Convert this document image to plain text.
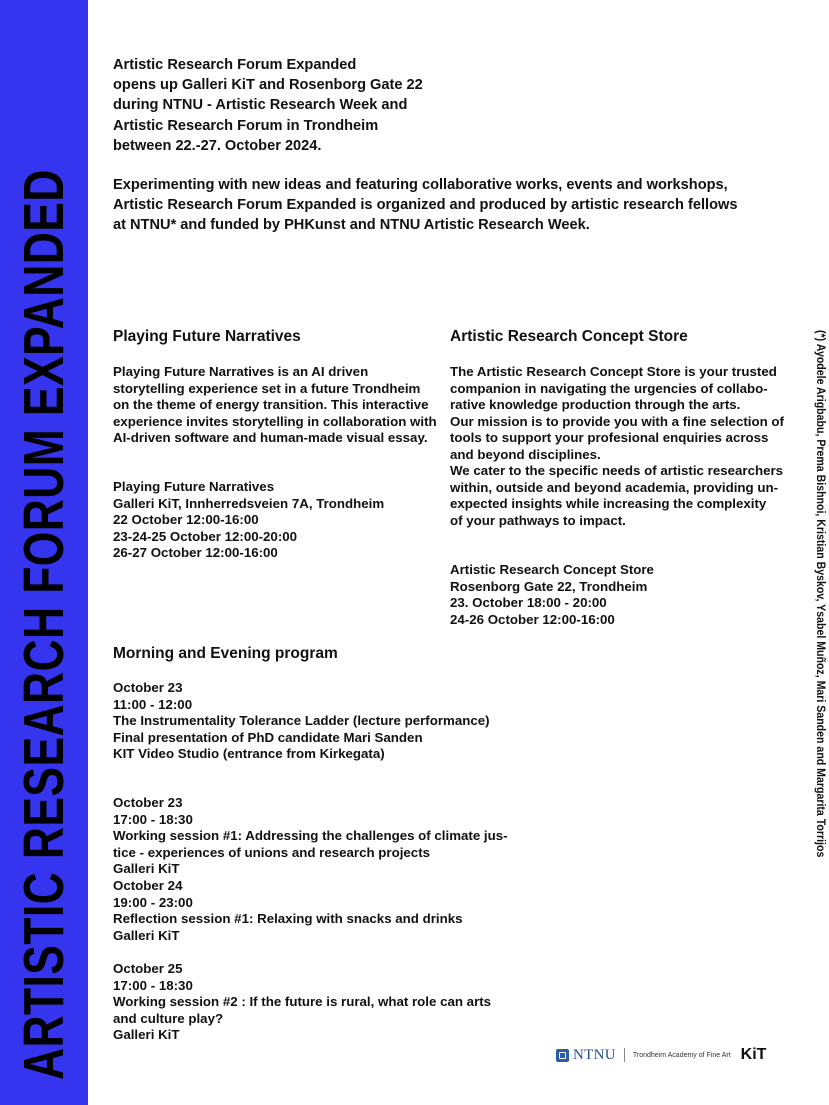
ARTISTIC RESEARCH FORUM EXPANDED
Artistic Research Forum Expanded
opens up Galleri KiT and Rosenborg Gate 22
during NTNU - Artistic Research Week and
Artistic Research Forum in Trondheim
between 22.-27. October 2024.
Experimenting with new ideas and featuring collaborative works, events and workshops,
Artistic Research Forum Expanded is organized and produced by artistic research fellows
at NTNU* and funded by PHKunst and NTNU Artistic Research Week.
Playing Future Narratives
Playing Future Narratives is an AI driven
storytelling experience set in a future Trondheim
on the theme of energy transition. This interactive
experience invites storytelling in collaboration with
AI-driven software and human-made visual essay.
Playing Future Narratives
Galleri KiT, Innherredsveien 7A, Trondheim
22 October 12:00-16:00
23-24-25 October 12:00-20:00
26-27 October 12:00-16:00
Artistic Research Concept Store
The Artistic Research Concept Store is your trusted
companion in navigating the urgencies of collabo-
rative knowledge production through the arts.
Our mission is to provide you with a fine selection of
tools to support your profesional enquiries across
and beyond disciplines.
We cater to the specific needs of artistic researchers
within, outside and beyond academia, providing un-
expected insights while increasing the complexity
of your pathways to impact.
Artistic Research Concept Store
Rosenborg Gate 22, Trondheim
23. October 18:00 - 20:00
24-26 October 12:00-16:00
Morning and Evening program
October 23
11:00 - 12:00
The Instrumentality Tolerance Ladder (lecture performance)
Final presentation of PhD candidate Mari Sanden
KIT Video Studio (entrance from Kirkegata)
October 23
17:00 - 18:30
Working session #1: Addressing the challenges of climate jus-
tice - experiences of unions and research projects
Galleri KiT
October 24
19:00 - 23:00
Reflection session #1: Relaxing with snacks and drinks
Galleri KiT
October 25
17:00 - 18:30
Working session #2 : If the future is rural, what role can arts
and culture play?
Galleri KiT
(*) Ayodele Arigbabu, Prema Bishnoi, Kristian Byskov, Ysabel Muñoz, Mari Sanden and Margarita Torrijos
NTNU Trondheim Academy of Fine Art KiT
